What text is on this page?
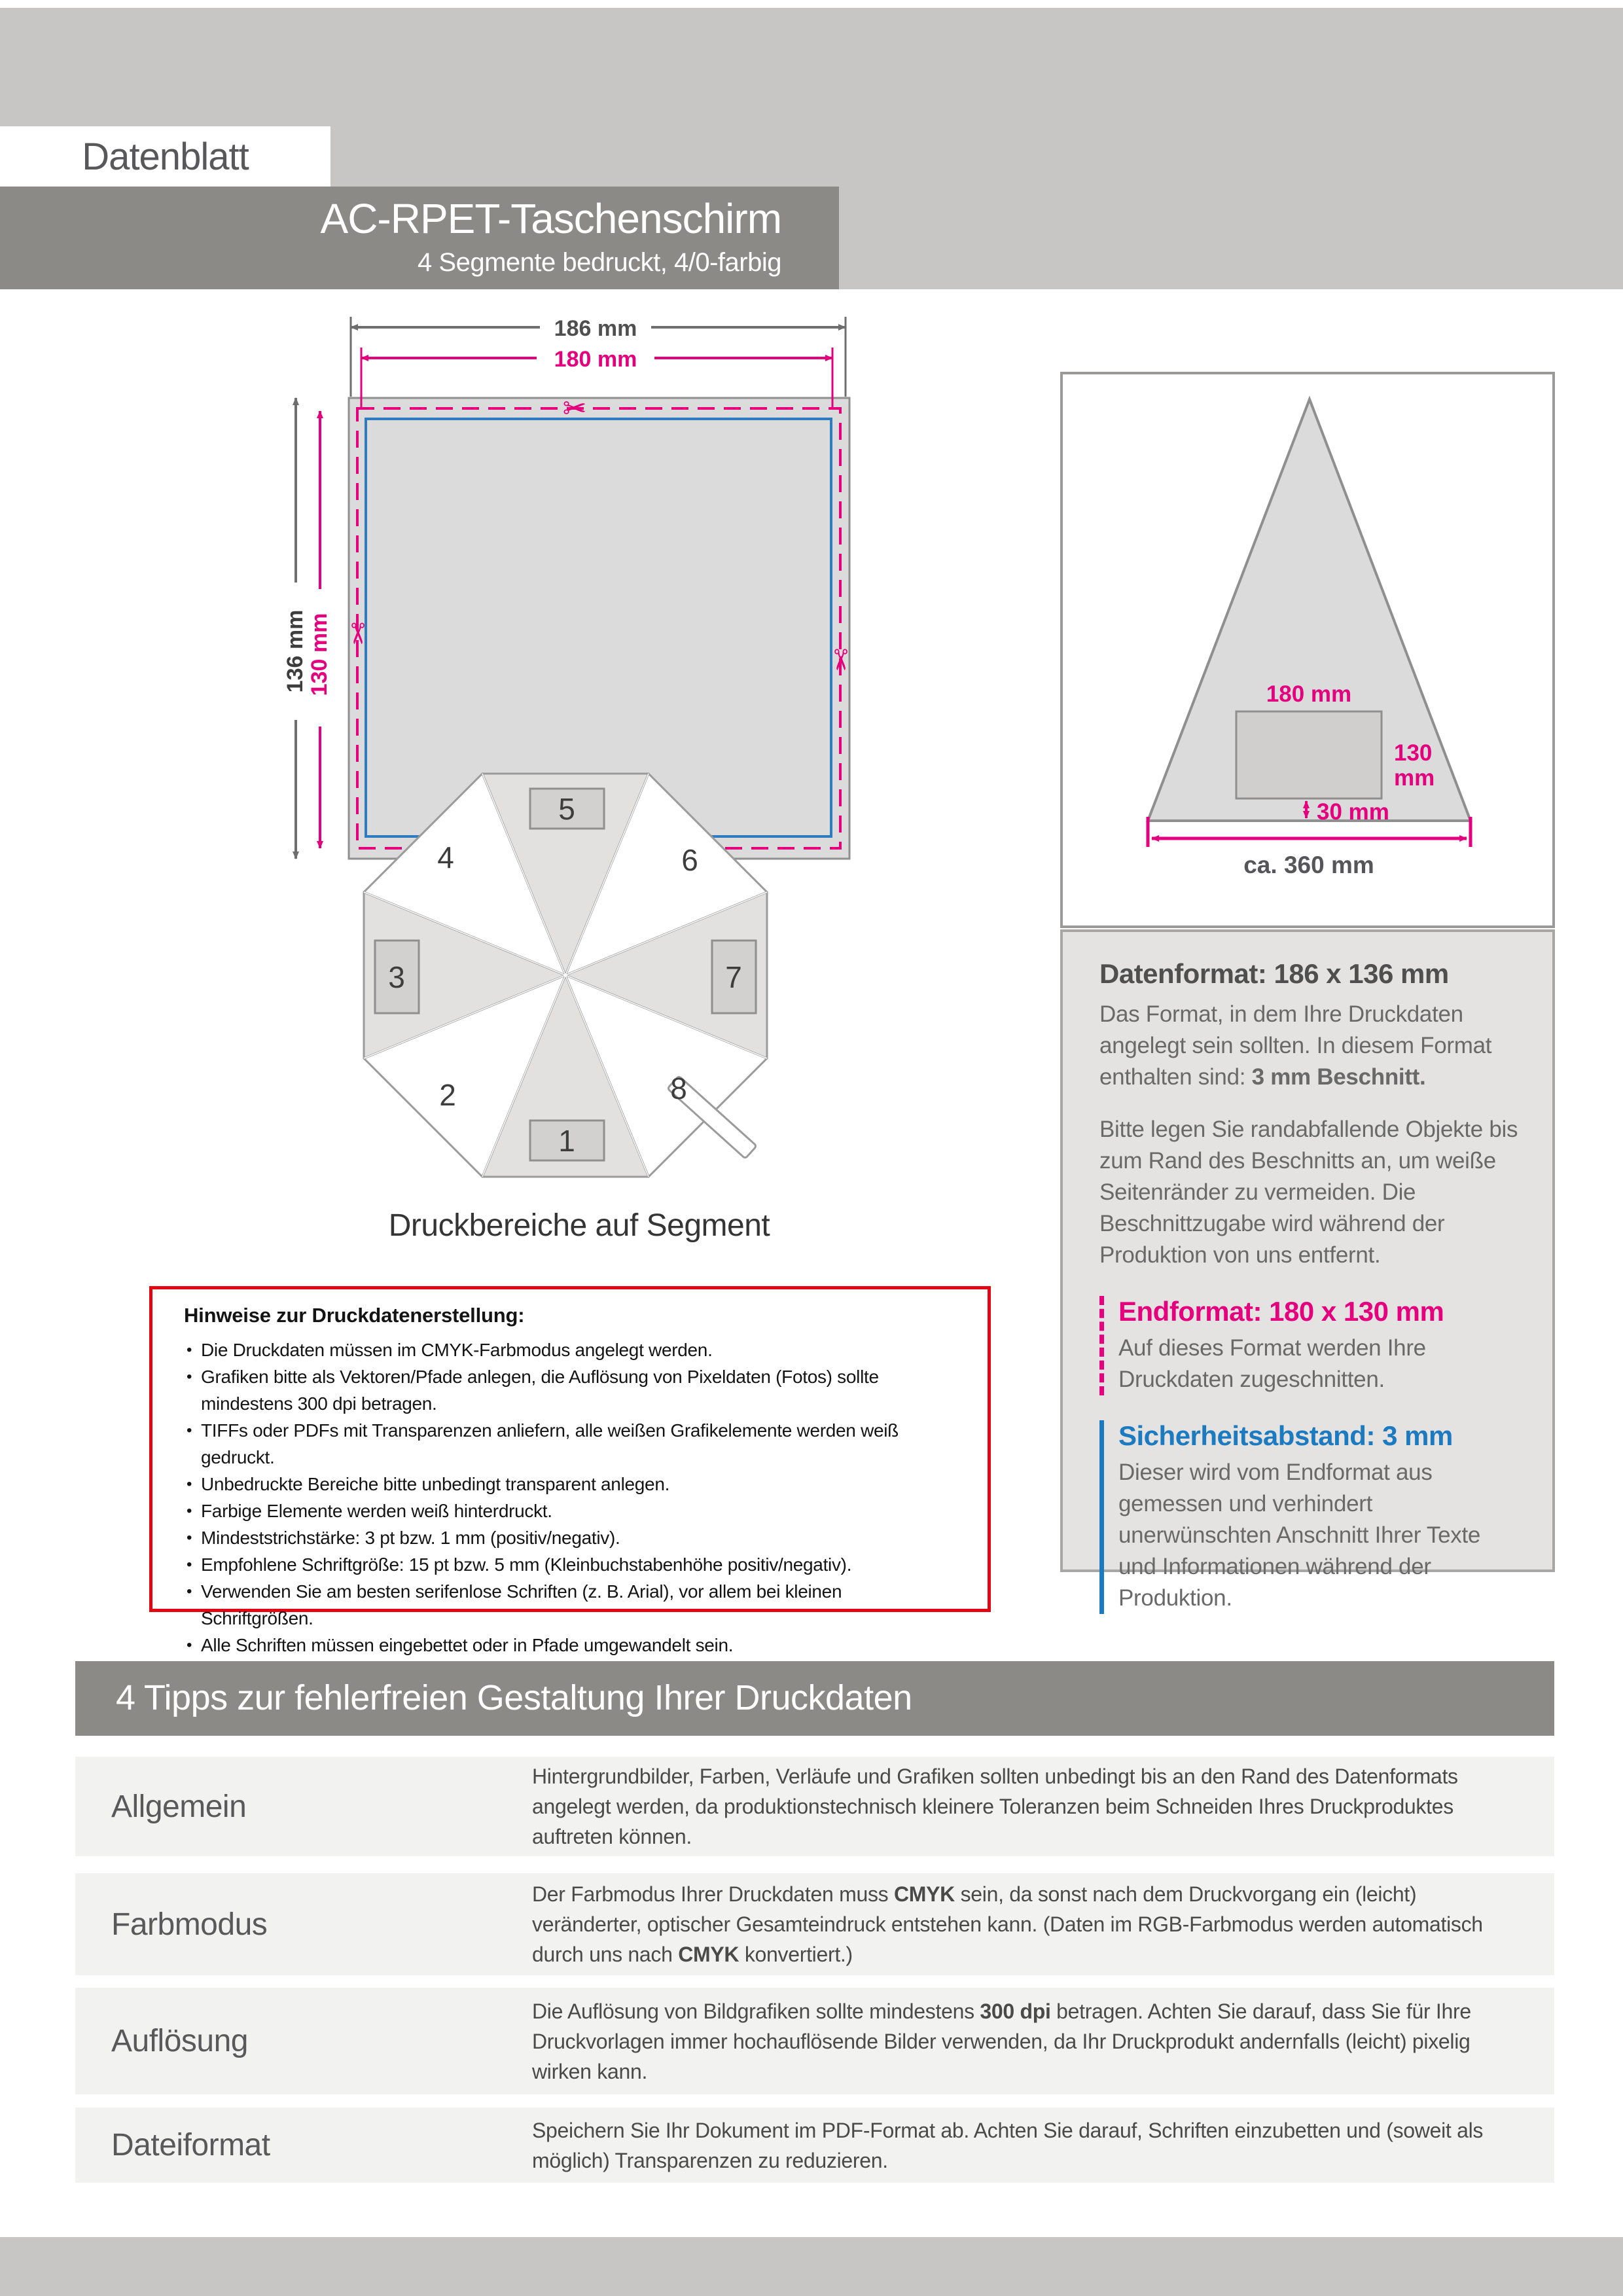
Datenblatt
AC-RPET-Taschenschirm
4 Segmente bedruckt, 4/0-farbig
186 mm
180 mm
136 mm 130 mm
✂
✂
✂
1
2
3
4
5
6
7
8
Druckbereiche auf Segment
Hinweise zur Druckdatenerstellung:
• Die Druckdaten müssen im CMYK-Farbmodus angelegt werden.
• Grafiken bitte als Vektoren/Pfade anlegen, die Auflösung von Pixeldaten (Fotos) sollte mindestens 300 dpi betragen.
• TIFFs oder PDFs mit Transparenzen anliefern, alle weißen Grafikelemente werden weiß gedruckt.
• Unbedruckte Bereiche bitte unbedingt transparent anlegen.
• Farbige Elemente werden weiß hinterdruckt.
• Mindeststrichstärke: 3 pt bzw. 1 mm (positiv/negativ).
• Empfohlene Schriftgröße: 15 pt bzw. 5 mm (Kleinbuchstabenhöhe positiv/negativ).
• Verwenden Sie am besten serifenlose Schriften (z. B. Arial), vor allem bei kleinen Schriftgrößen.
• Alle Schriften müssen eingebettet oder in Pfade umgewandelt sein.
180 mm
130
mm
30 mm
ca. 360 mm
Datenformat: 186 x 136 mm

Das Format, in dem Ihre Druckdaten angelegt sein sollten. In diesem Format enthalten sind: 3 mm Beschnitt.

Bitte legen Sie randabfallende Objekte bis zum Rand des Beschnitts an, um weiße Seitenränder zu vermeiden. Die Beschnittzugabe wird während der Produktion von uns entfernt.

Endformat: 180 x 130 mm

Auf dieses Format werden Ihre Druckdaten zugeschnitten.

Sicherheitsabstand: 3 mm

Dieser wird vom Endformat aus gemessen und verhindert unerwünschten Anschnitt Ihrer Texte und Informationen während der Produktion.

4 Tipps zur fehlerfreien Gestaltung Ihrer Druckdaten
Allgemein
Hintergrundbilder, Farben, Verläufe und Grafiken sollten unbedingt bis an den Rand des Datenformats angelegt werden, da produktionstechnisch kleinere Toleranzen beim Schneiden Ihres Druckproduktes auftreten können.
Farbmodus
Der Farbmodus Ihrer Druckdaten muss CMYK sein, da sonst nach dem Druckvorgang ein (leicht) veränderter, optischer Gesamteindruck entstehen kann. (Daten im RGB-Farbmodus werden automatisch durch uns nach CMYK konvertiert.)
Auflösung
Die Auflösung von Bildgrafiken sollte mindestens 300 dpi betragen. Achten Sie darauf, dass Sie für Ihre Druckvorlagen immer hochauflösende Bilder verwenden, da Ihr Druckprodukt andernfalls (leicht) pixelig wirken kann.
Dateiformat	Speichern Sie Ihr Dokument im PDF-Format ab. Achten Sie darauf, Schriften einzubetten und (soweit als möglich) Transparenzen zu reduzieren.
